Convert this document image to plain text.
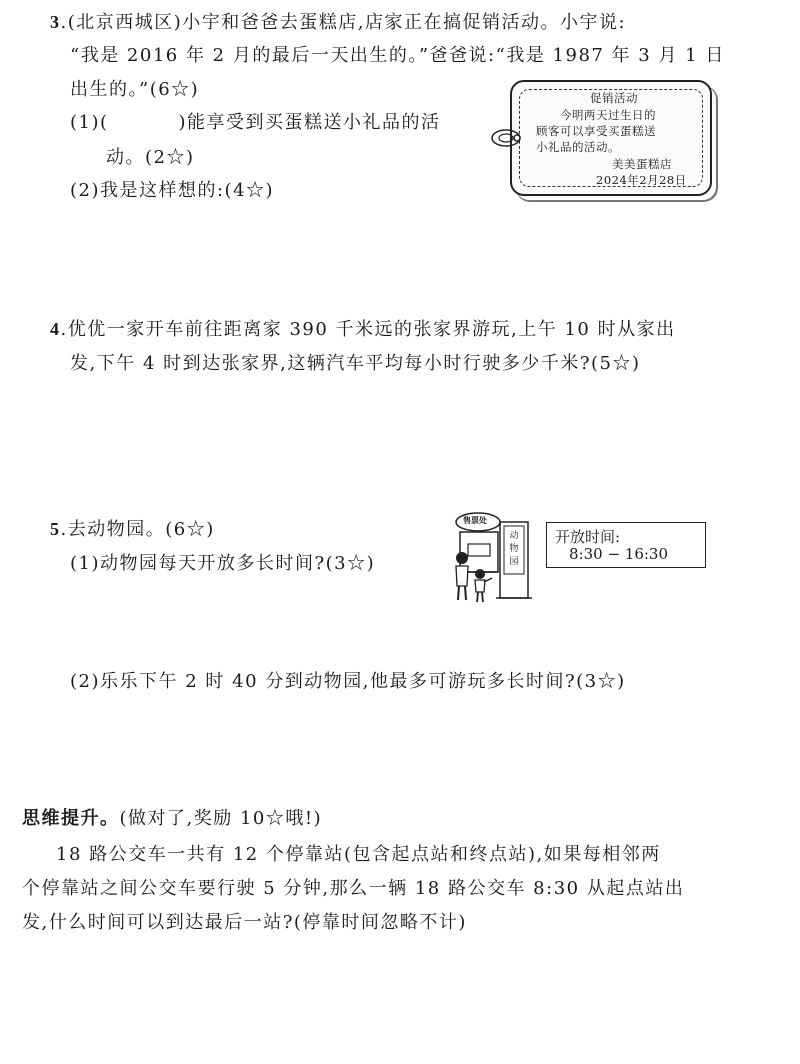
3.(北京西城区)小宇和爸爸去蛋糕店,店家正在搞促销活动。小宇说:
“我是 2016 年 2 月的最后一天出生的。”爸爸说:“我是 1987 年 3 月 1 日
出生的。”(6☆)
(1)(	)能享受到买蛋糕送小礼品的活
动。(2☆)
(2)我是这样想的:(4☆)
促销活动
今明两天过生日的
顾客可以享受买蛋糕送
小礼品的活动。
美美蛋糕店
2024年2月28日
4.优优一家开车前往距离家 390 千米远的张家界游玩,上午 10 时从家出
发,下午 4 时到达张家界,这辆汽车平均每小时行驶多少千米?(5☆)
5.去动物园。(6☆)
(1)动物园每天开放多长时间?(3☆)
(2)乐乐下午 2 时 40 分到动物园,他最多可游玩多长时间?(3☆)
售票处
动
物
园
开放时间:
8:30 − 16:30
思维提升。(做对了,奖励 10☆哦!)
18 路公交车一共有 12 个停靠站(包含起点站和终点站),如果每相邻两
个停靠站之间公交车要行驶 5 分钟,那么一辆 18 路公交车 8:30 从起点站出
发,什么时间可以到达最后一站?(停靠时间忽略不计)
